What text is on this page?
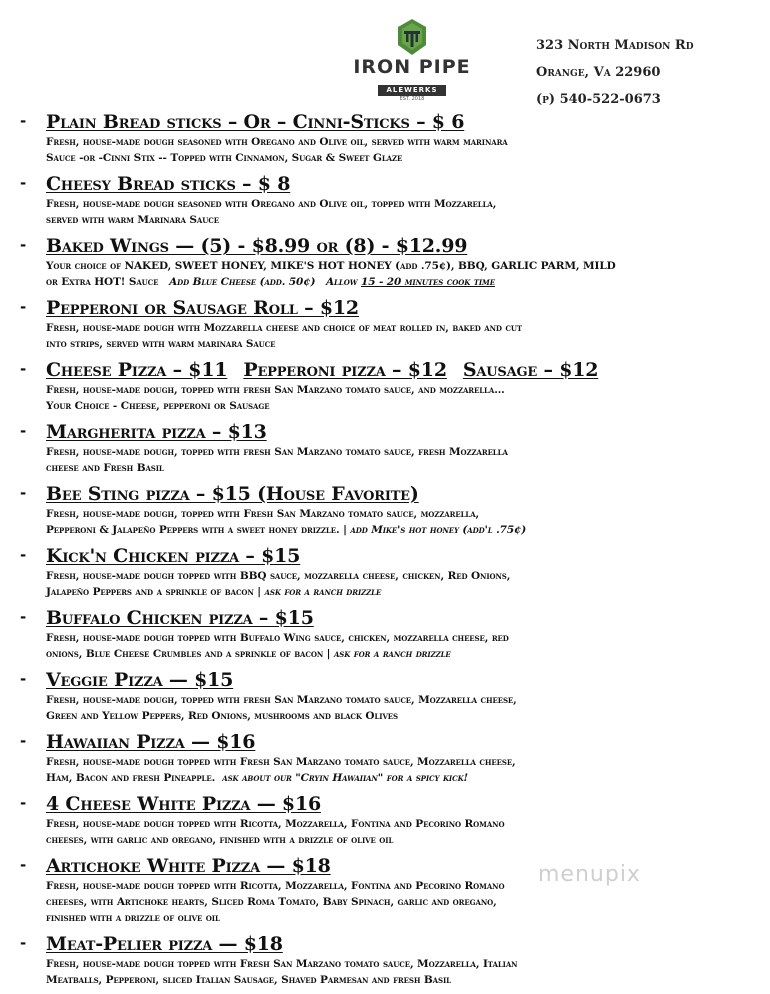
IRON PIPE
ALEWERKS
EST. 2018
323 North Madison Rd
Orange, Va 22960
(p) 540-522-0673
- Plain Bread sticks – Or – Cinni-Sticks – $ 6
Fresh, house-made dough seasoned with Oregano and Olive oil, served with warm marinara
Sauce -or -Cinni Stix -- Topped with Cinnamon, Sugar & Sweet Glaze
- Cheesy Bread sticks – $ 8
Fresh, house-made dough seasoned with Oregano and Olive oil, topped with Mozzarella,
served with warm Marinara Sauce
- Baked Wings — (5) - $8.99 or (8) - $12.99
Your choice of NAKED, SWEET HONEY, MIKE'S HOT HONEY (add .75¢), BBQ, GARLIC PARM, MILD
or Extra HOT! Sauce Add Blue Cheese (add. 50¢) Allow 15 - 20 minutes cook time
- Pepperoni or Sausage Roll – $12
Fresh, house-made dough with Mozzarella cheese and choice of meat rolled in, baked and cut
into strips, served with warm marinara Sauce
- Cheese Pizza – $11 Pepperoni pizza – $12 Sausage – $12
Fresh, house-made dough, topped with fresh San Marzano tomato sauce, and mozzarella…
Your Choice - Cheese, pepperoni or Sausage
- Margherita pizza – $13
Fresh, house-made dough, topped with fresh San Marzano tomato sauce, fresh Mozzarella
cheese and Fresh Basil
- Bee Sting pizza – $15 (House Favorite)
Fresh, house-made dough, topped with Fresh San Marzano tomato sauce, mozzarella,
Pepperoni & Jalapeño Peppers with a sweet honey drizzle. | add Mike's hot honey (add'l .75¢)
- Kick'n Chicken pizza – $15
Fresh, house-made dough topped with BBQ sauce, mozzarella cheese, chicken, Red Onions,
Jalapeño Peppers and a sprinkle of bacon | ask for a ranch drizzle
- Buffalo Chicken pizza – $15
Fresh, house-made dough topped with Buffalo Wing sauce, chicken, mozzarella cheese, red
onions, Blue Cheese Crumbles and a sprinkle of bacon | ask for a ranch drizzle
- Veggie Pizza — $15
Fresh, house-made dough, topped with fresh San Marzano tomato sauce, Mozzarella cheese,
Green and Yellow Peppers, Red Onions, mushrooms and black Olives
- Hawaiian Pizza — $16
Fresh, house-made dough topped with Fresh San Marzano tomato sauce, Mozzarella cheese,
Ham, Bacon and fresh Pineapple. ask about our "Cryin Hawaiian" for a spicy kick!
- 4 Cheese White Pizza — $16
Fresh, house-made dough topped with Ricotta, Mozzarella, Fontina and Pecorino Romano
cheeses, with garlic and oregano, finished with a drizzle of olive oil
- Artichoke White Pizza — $18
Fresh, house-made dough topped with Ricotta, Mozzarella, Fontina and Pecorino Romano
cheeses, with Artichoke hearts, Sliced Roma Tomato, Baby Spinach, garlic and oregano,
finished with a drizzle of olive oil
- Meat-Pelier pizza — $18
Fresh, house-made dough topped with Fresh San Marzano tomato sauce, Mozzarella, Italian
Meatballs, Pepperoni, sliced Italian Sausage, Shaved Parmesan and fresh Basil
menupix
